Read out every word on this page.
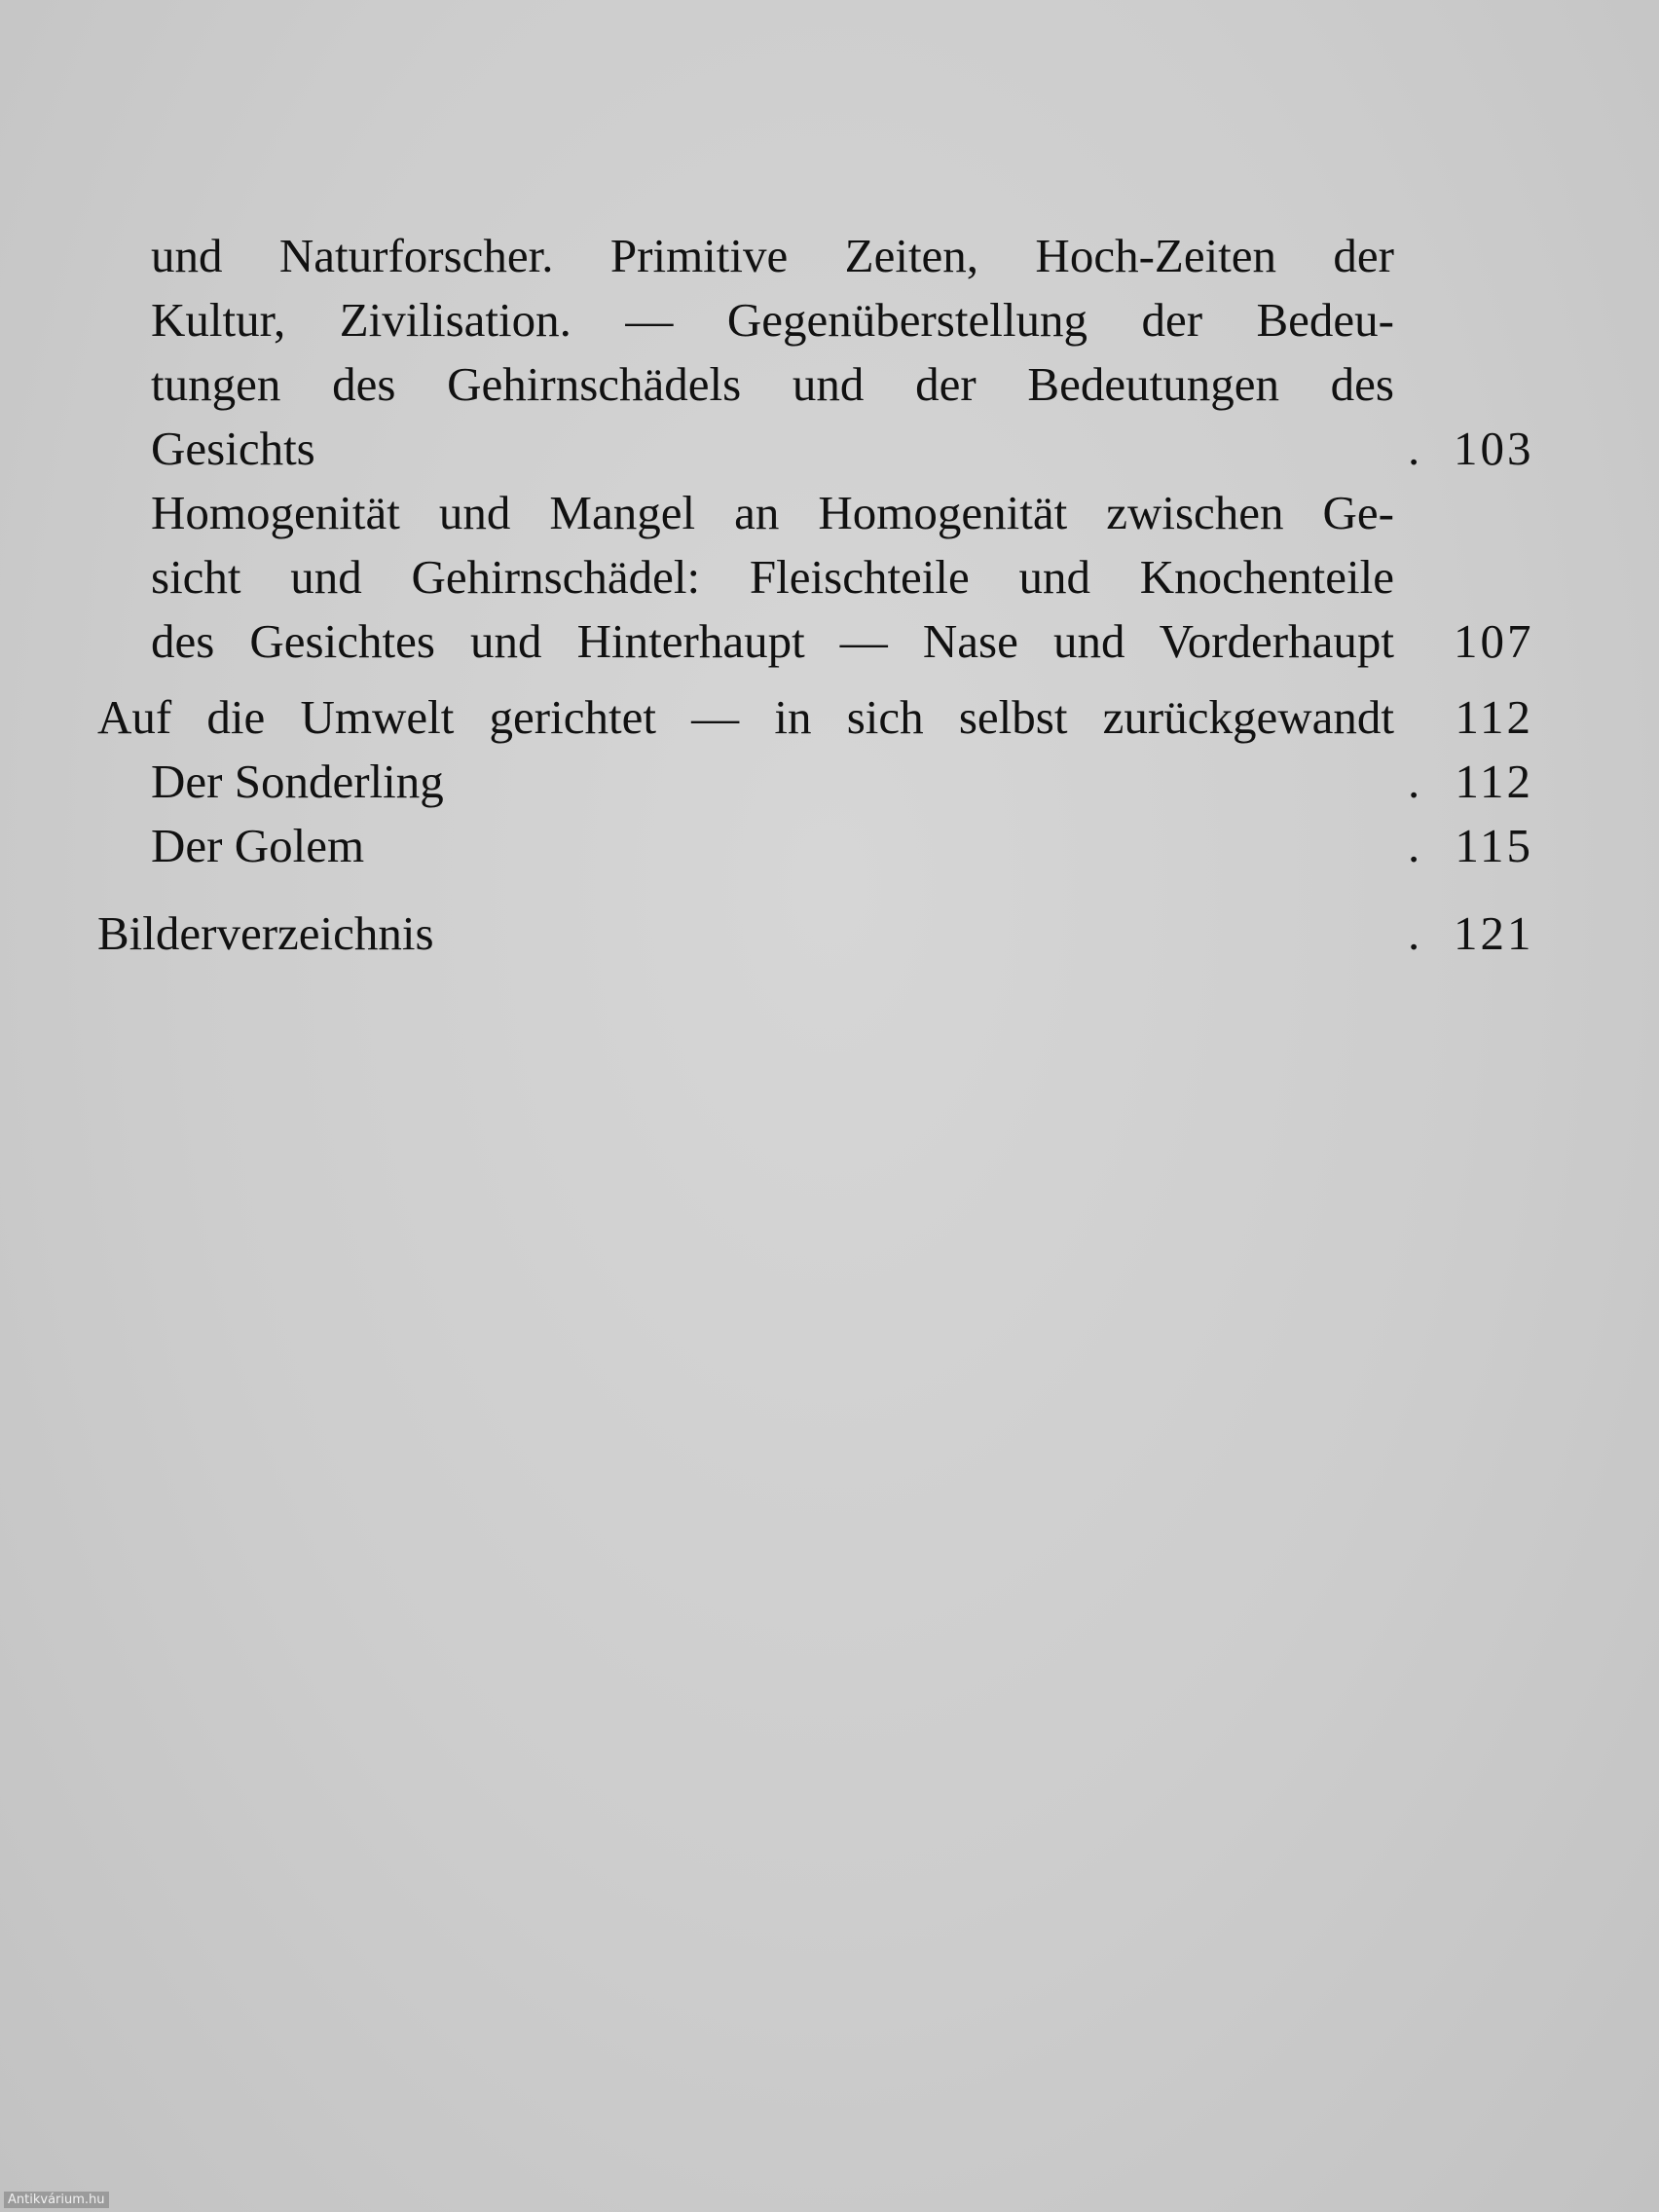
und Naturforscher. Primitive Zeiten, Hoch-Zeiten der
Kultur, Zivilisation. — Gegenüberstellung der Bedeu-
tungen des Gehirnschädels und der Bedeutungen des
Gesichts . . .	103
Homogenität und Mangel an Homogenität zwischen Ge-
sicht und Gehirnschädel: Fleischteile und Knochenteile
des Gesichtes und Hinterhaupt — Nase und Vorderhaupt 107
Auf die Umwelt gerichtet — in sich selbst zurückgewandt 112
Der Sonderling . . .	112
Der Golem . . .	115
Bilderverzeichnis . . .	121
Antikvárium.hu
